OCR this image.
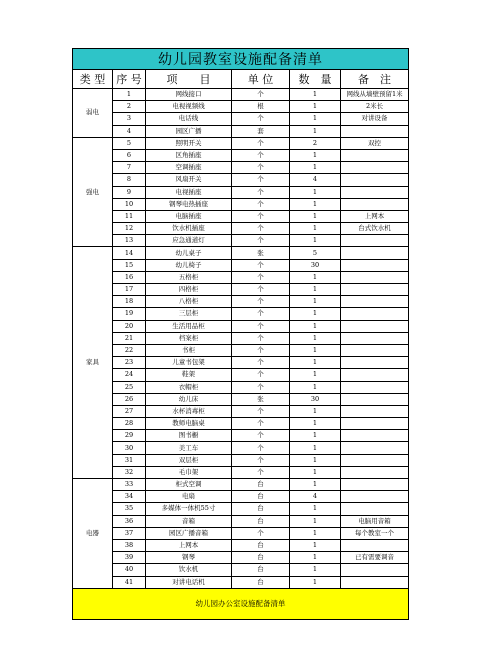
幼儿园教室设施配备清单					
类 型	序 号	项　　目	单 位	数　量	备　注
弱电	1	网线接口	个	1	网线从墙壁预留1米
	2	电视视频线	根	1	2米长
	3	电话线	个	1	对讲设备
	4	园区广播	套	1	
强电	5	照明开关	个	2	双控
	6	区角插座	个	1	
	7	空调插座	个	1	
	8	风扇开关	个	4	
	9	电视插座	个	1	
	10	钢琴电热插座	个	1	
	11	电脑插座	个	1	上网本
	12	饮水机插座	个	1	台式饮水机
	13	应急通道灯	个	1	
家具	14	幼儿桌子	张	5	
	15	幼儿椅子	个	30	
	16	五格柜	个	1	
	17	四格柜	个	1	
	18	八格柜	个	1	
	19	三层柜	个	1	
	20	生活用品柜	个	1	
	21	档案柜	个	1	
	22	书柜	个	1	
	23	儿童书包架	个	1	
	24	鞋架	个	1	
	25	衣帽柜	个	1	
	26	幼儿床	张	30	
	27	水杯消毒柜	个	1	
	28	教师电脑桌	个	1	
	29	图书橱	个	1	
	30	美工车	个	1	
	31	双层柜	个	1	
	32	毛巾架	个	1	
电器	33	柜式空调	台	1	
	34	电扇	台	4	
	35	多媒体一体机55寸	台	1	
	36	音箱	台	1	电脑用音箱
	37	园区广播音箱	个	1	每个教室一个
	38	上网本	台	1	
	39	钢琴	台	1	已有需要调音
	40	饮水机	台	1	
	41	对讲电话机	台	1	
幼儿园办公室设施配备清单					
